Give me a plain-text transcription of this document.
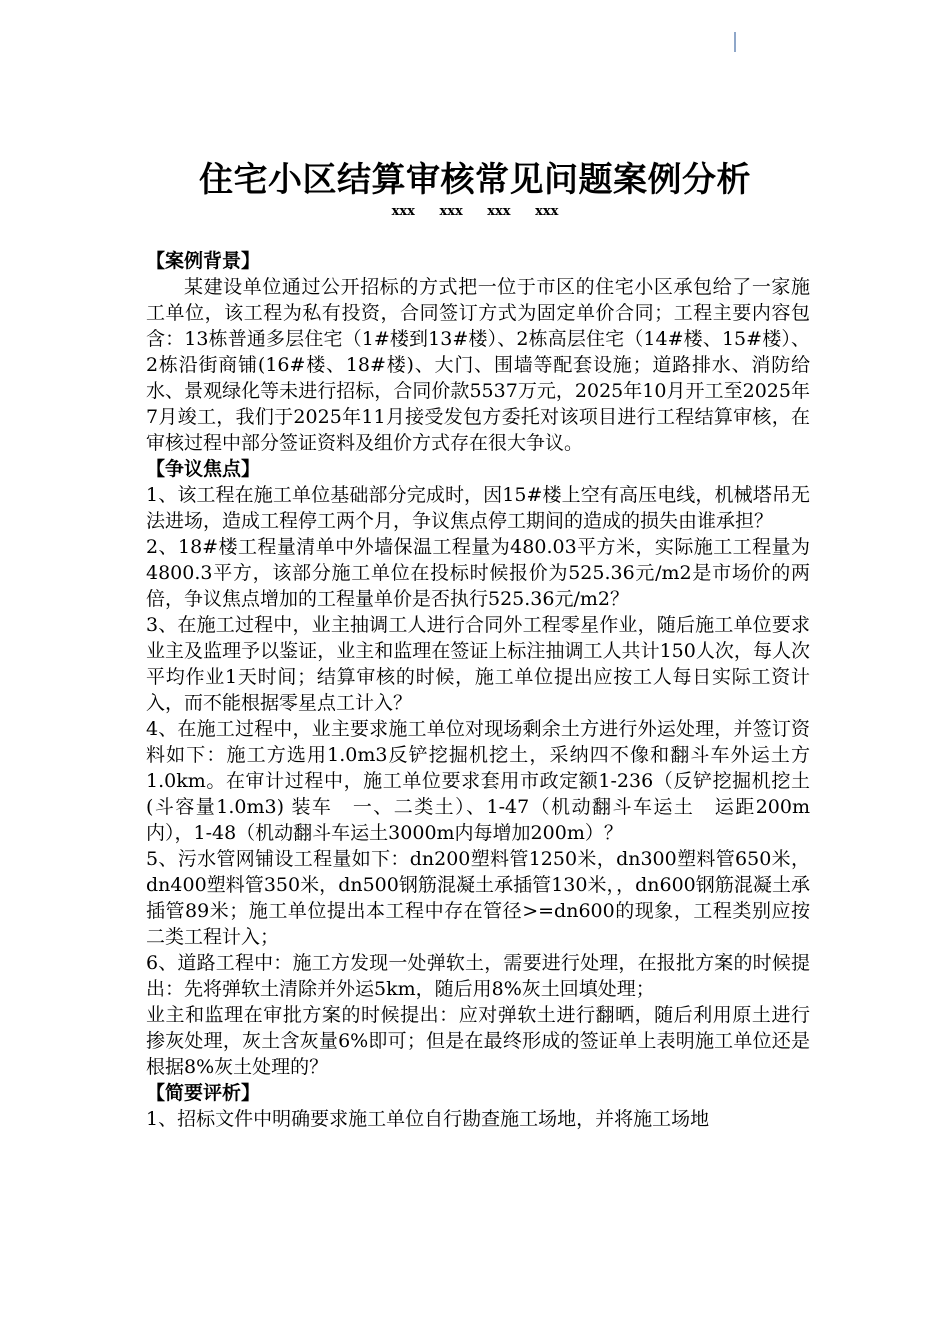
住宅小区结算审核常见问题案例分析
xxx xxx xxx xxx

【案例背景】

某建设单位通过公开招标的方式把一位于市区的住宅小区承包给了一家施工单位，该工程为私有投资，合同签订方式为固定单价合同；工程主要内容包含：13栋普通多层住宅（1#楼到13#楼）、2栋高层住宅（14#楼、15#楼）、2栋沿街商铺(16#楼、18#楼)、大门、围墙等配套设施；道路排水、消防给水、景观绿化等未进行招标，合同价款5537万元，2025年10月开工至2025年7月竣工，我们于2025年11月接受发包方委托对该项目进行工程结算审核，在审核过程中部分签证资料及组价方式存在很大争议。

【争议焦点】

1、该工程在施工单位基础部分完成时，因15#楼上空有高压电线，机械塔吊无法进场，造成工程停工两个月，争议焦点停工期间的造成的损失由谁承担？

2、18#楼工程量清单中外墙保温工程量为480.03平方米，实际施工工程量为4800.3平方，该部分施工单位在投标时候报价为525.36元/m2是市场价的两倍，争议焦点增加的工程量单价是否执行525.36元/m2？

3、在施工过程中，业主抽调工人进行合同外工程零星作业，随后施工单位要求业主及监理予以鉴证，业主和监理在签证上标注抽调工人共计150人次，每人次平均作业1天时间；结算审核的时候，施工单位提出应按工人每日实际工资计入，而不能根据零星点工计入？

4、在施工过程中，业主要求施工单位对现场剩余土方进行外运处理，并签订资料如下：施工方选用1.0m3反铲挖掘机挖土，采纳四不像和翻斗车外运土方1.0km。在审计过程中，施工单位要求套用市政定额1-236（反铲挖掘机挖土(斗容量1.0m3) 装车　一、二类土）、1-47（机动翻斗车运土　运距200m内），1-48（机动翻斗车运土3000m内每增加200m）？

5、污水管网铺设工程量如下：dn200塑料管1250米，dn300塑料管650米，dn400塑料管350米，dn500钢筋混凝土承插管130米，，dn600钢筋混凝土承插管89米；施工单位提出本工程中存在管径>=dn600的现象，工程类别应按二类工程计入；

6、道路工程中：施工方发现一处弹软土，需要进行处理，在报批方案的时候提出：先将弹软土清除并外运5km，随后用8%灰土回填处理；

业主和监理在审批方案的时候提出：应对弹软土进行翻晒，随后利用原土进行掺灰处理，灰土含灰量6%即可；但是在最终形成的签证单上表明施工单位还是根据8%灰土处理的？

【简要评析】

1、招标文件中明确要求施工单位自行勘查施工场地，并将施工场地
